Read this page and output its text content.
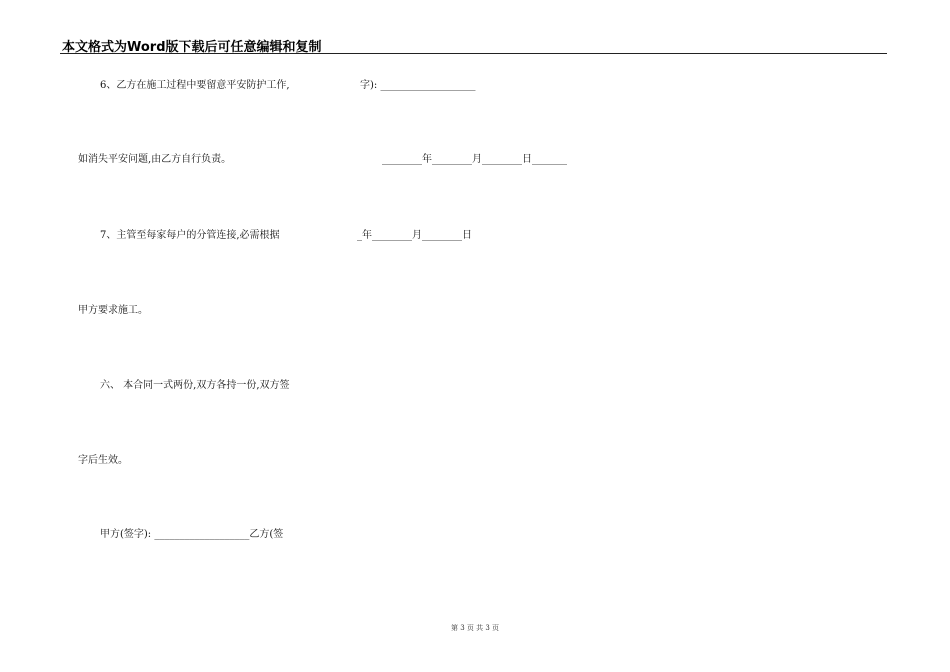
本文格式为Word版下载后可任意编辑和复制
6、乙方在施工过程中要留意平安防护工作,	字): ___________________
如消失平安问题,由乙方自行负责。	________年________月________日_______
7、主管至每家每户的分管连接,必需根据	_年________月________日
甲方要求施工。
六、 本合同一式两份,双方各持一份,双方签
字后生效。
甲方(签字): ___________________乙方(签
第 3 页 共 3 页
